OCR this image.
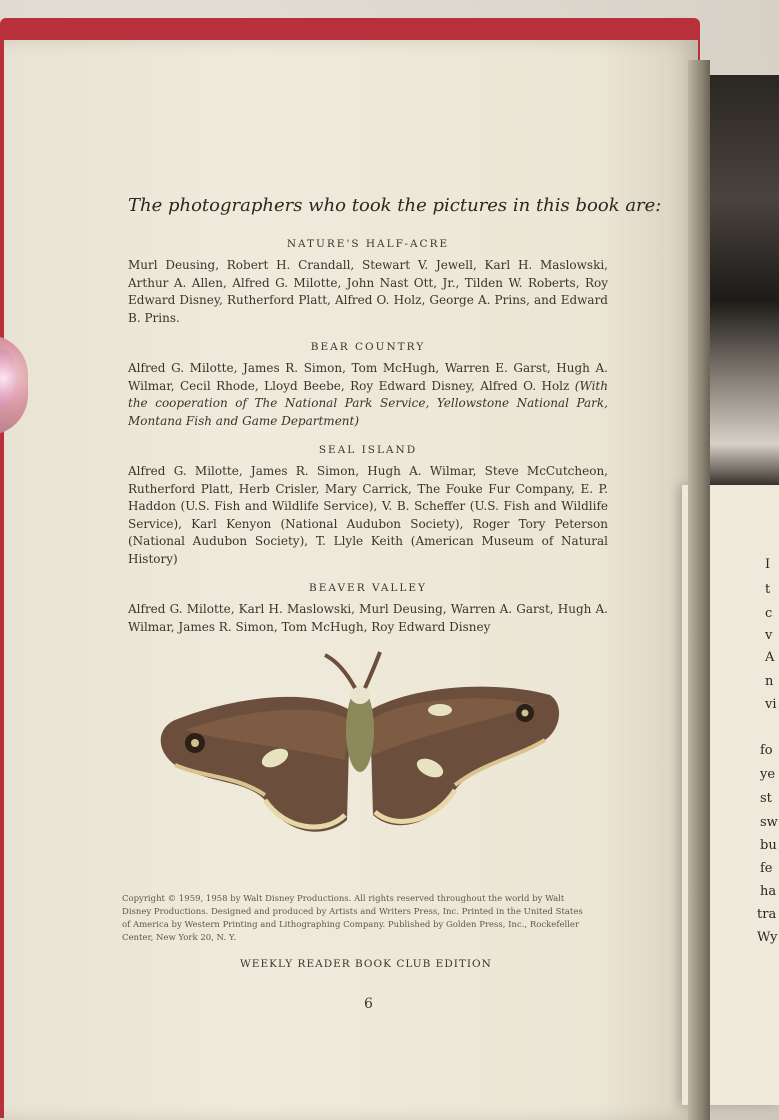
I
t
c
v
A
n
vi
fo
ye
st
sw
bu
fe
ha
tra
Wy
The photographers who took the pictures in this book are:
NATURE'S HALF-ACRE
Murl Deusing, Robert H. Crandall, Stewart V. Jewell, Karl H. Maslowski, Arthur A. Allen, Alfred G. Milotte, John Nast Ott, Jr., Tilden W. Roberts, Roy Edward Disney, Rutherford Platt, Alfred O. Holz, George A. Prins, and Edward B. Prins.
BEAR COUNTRY
Alfred G. Milotte, James R. Simon, Tom McHugh, Warren E. Garst, Hugh A. Wilmar, Cecil Rhode, Lloyd Beebe, Roy Edward Disney, Alfred O. Holz (With the cooperation of The National Park Service, Yellowstone National Park, Montana Fish and Game Department)
SEAL ISLAND
Alfred G. Milotte, James R. Simon, Hugh A. Wilmar, Steve McCutcheon, Rutherford Platt, Herb Crisler, Mary Carrick, The Fouke Fur Company, E. P. Haddon (U.S. Fish and Wildlife Service), V. B. Scheffer (U.S. Fish and Wildlife Service), Karl Kenyon (National Audubon Society), Roger Tory Peterson (National Audubon Society), T. Llyle Keith (American Museum of Natural History)
BEAVER VALLEY
Alfred G. Milotte, Karl H. Maslowski, Murl Deusing, Warren A. Garst, Hugh A. Wilmar, James R. Simon, Tom McHugh, Roy Edward Disney
Copyright © 1959, 1958 by Walt Disney Productions. All rights reserved throughout the world by Walt Disney Productions. Designed and produced by Artists and Writers Press, Inc. Printed in the United States of America by Western Printing and Lithographing Company. Published by Golden Press, Inc., Rockefeller Center, New York 20, N. Y.
WEEKLY READER BOOK CLUB EDITION
6
